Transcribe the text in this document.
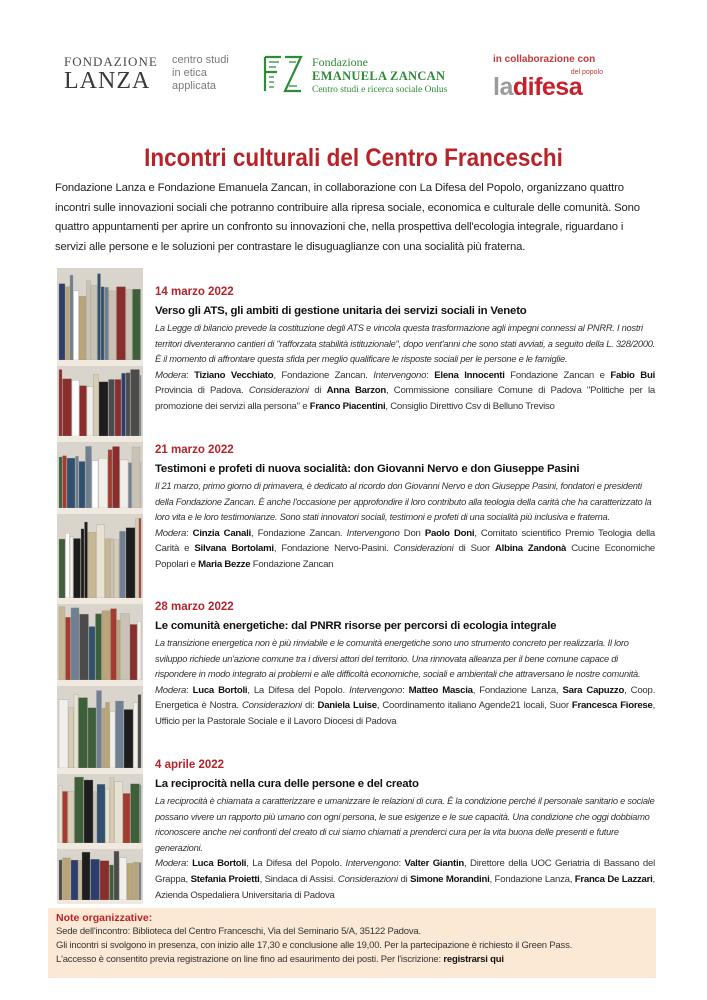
FONDAZIONE
LANZA
centro studi
in etica
applicata
Fondazione
EMANUELA ZANCAN
Centro studi e ricerca sociale Onlus
in collaborazione con
del popolo
ladifesa
Incontri culturali del Centro Franceschi

Fondazione Lanza e Fondazione Emanuela Zancan, in collaborazione con La Difesa del Popolo, organizzano quattro incontri sulle innovazioni sociali che potranno contribuire alla ripresa sociale, economica e culturale delle comunità. Sono quattro appuntamenti per aprire un confronto su innovazioni che, nella prospettiva dell'ecologia integrale, riguardano i servizi alle persone e le soluzioni per contrastare le disuguaglianze con una socialità più fraterna.

14 marzo 2022
Verso gli ATS, gli ambiti di gestione unitaria dei servizi sociali in Veneto
La Legge di bilancio prevede la costituzione degli ATS e vincola questa trasformazione agli impegni connessi al PNRR. I nostri territori diventeranno cantieri di "rafforzata stabilità istituzionale", dopo vent'anni che sono stati avviati, a seguito della L. 328/2000. È il momento di affrontare questa sfida per meglio qualificare le risposte sociali per le persone e le famiglie.
Modera: Tiziano Vecchiato, Fondazione Zancan. Intervengono: Elena Innocenti Fondazione Zancan e Fabio Bui Provincia di Padova. Considerazioni di Anna Barzon, Commissione consiliare Comune di Padova "Politiche per la promozione dei servizi alla persona" e Franco Piacentini, Consiglio Direttivo Csv di Belluno Treviso
21 marzo 2022
Testimoni e profeti di nuova socialità: don Giovanni Nervo e don Giuseppe Pasini
Il 21 marzo, primo giorno di primavera, è dedicato al ricordo don Giovanni Nervo e don Giuseppe Pasini, fondatori e presidenti della Fondazione Zancan. È anche l'occasione per approfondire il loro contributo alla teologia della carità che ha caratterizzato la loro vita e le loro testimonianze. Sono stati innovatori sociali, testimoni e profeti di una socialità più inclusiva e fraterna.
Modera: Cinzia Canali, Fondazione Zancan. Intervengono Don Paolo Doni, Comitato scientifico Premio Teologia della Carità e Silvana Bortolami, Fondazione Nervo-Pasini. Considerazioni di Suor Albina Zandonà Cucine Economiche Popolari e Maria Bezze Fondazione Zancan
28 marzo 2022
Le comunità energetiche: dal PNRR risorse per percorsi di ecologia integrale
La transizione energetica non è più rinviabile e le comunità energetiche sono uno strumento concreto per realizzarla. Il loro sviluppo richiede un'azione comune tra i diversi attori del territorio. Una rinnovata alleanza per il bene comune capace di rispondere in modo integrato ai problemi e alle difficoltà economiche, sociali e ambientali che attraversano le nostre comunità.
Modera: Luca Bortoli, La Difesa del Popolo. Intervengono: Matteo Mascia, Fondazione Lanza, Sara Capuzzo, Coop. Energetica è Nostra. Considerazioni di: Daniela Luise, Coordinamento italiano Agende21 locali, Suor Francesca Fiorese, Ufficio per la Pastorale Sociale e il Lavoro Diocesi di Padova
4 aprile 2022
La reciprocità nella cura delle persone e del creato
La reciprocità è chiamata a caratterizzare e umanizzare le relazioni di cura. È la condizione perché il personale sanitario e sociale possano vivere un rapporto più umano con ogni persona, le sue esigenze e le sue capacità. Una condizione che oggi dobbiamo riconoscere anche nei confronti del creato di cui siamo chiamati a prenderci cura per la vita buona delle presenti e future generazioni.
Modera: Luca Bortoli, La Difesa del Popolo. Intervengono: Valter Giantin, Direttore della UOC Geriatria di Bassano del Grappa, Stefania Proietti, Sindaca di Assisi. Considerazioni di Simone Morandini, Fondazione Lanza, Franca De Lazzari, Azienda Ospedaliera Universitaria di Padova
Note organizzative:
Sede dell'incontro: Biblioteca del Centro Franceschi, Via del Seminario 5/A, 35122 Padova.
Gli incontri si svolgono in presenza, con inizio alle 17,30 e conclusione alle 19,00. Per la partecipazione è richiesto il Green Pass.
L'accesso è consentito previa registrazione on line fino ad esaurimento dei posti. Per l'iscrizione: registrarsi qui
